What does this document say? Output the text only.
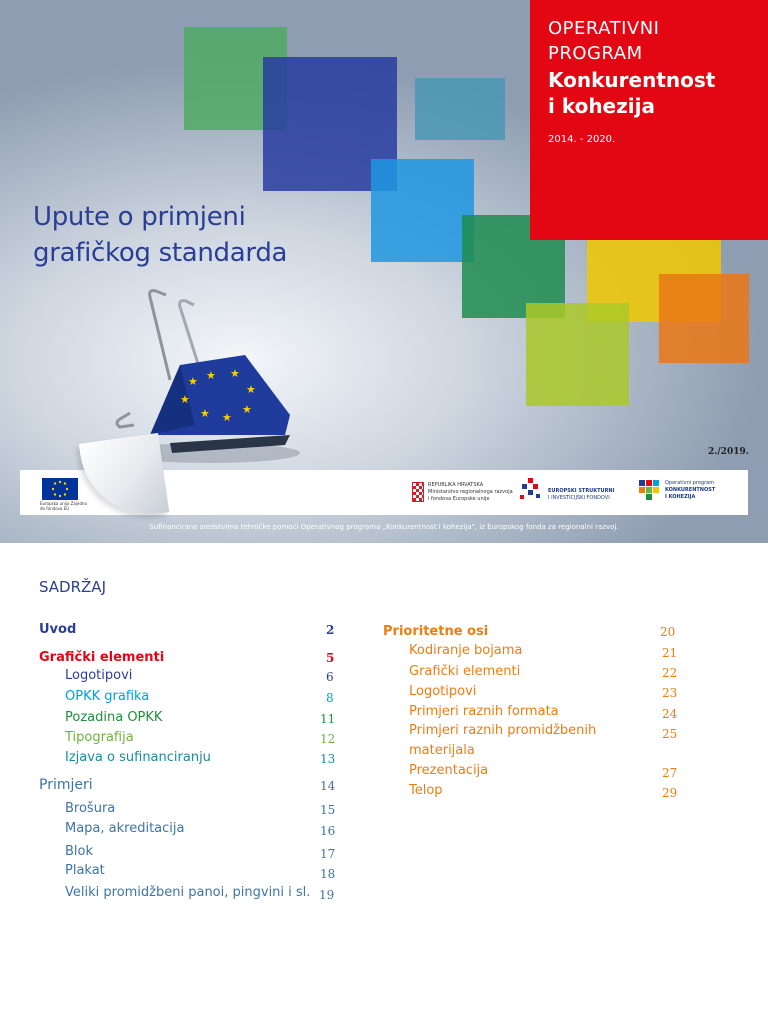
OPERATIVNI
PROGRAM
Konkurentnost
i kohezija
2014. - 2020.
Upute o primjeni
grafičkog standarda
★ ★ ★
★
★
★
★
★
2./2019.
Europska unija Zajedno do fondova EU
REPUBLIKA HRVATSKA
Ministarstvo regionalnoga razvoja
i fondova Europske unije
EUROPSKI STRUKTURNI
I INVESTICIJSKI FONDOVI
Operativni program
KONKURENTNOST
I KOHEZIJA
Sufinancirano sredstvima tehničke pomoći Operativnog programa „Konkurentnost i kohezija", iz Europskog fonda za regionalni razvoj.
SADRŽAJ
Uvod	2
Grafički elementi	5
Logotipovi	6
OPKK grafika	8
Pozadina OPKK	11
Tipografija	12
Izjava o sufinanciranju	13
Primjeri	14
Brošura	15
Mapa, akreditacija	16
Blok	17
Plakat	18
Veliki promidžbeni panoi, pingvini i sl. 19
Prioritetne osi	20
Kodiranje bojama	21
Grafički elementi	22
Logotipovi	23
Primjeri raznih formata	24
Primjeri raznih promidžbenih
materijala
25
Prezentacija	27
Telop	29
